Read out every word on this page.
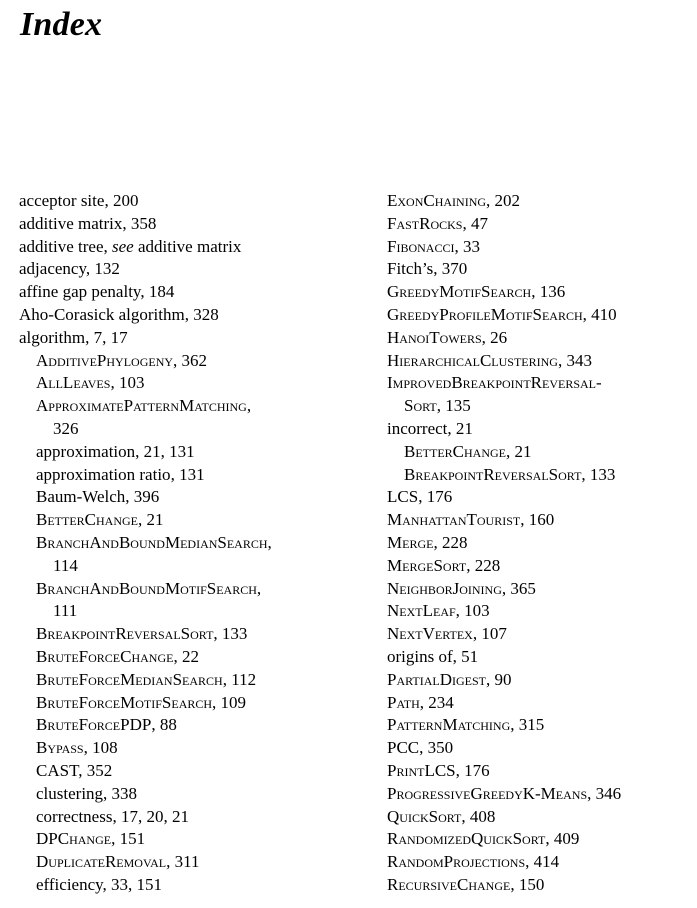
Index
acceptor site, 200
additive matrix, 358
additive tree, see additive matrix
adjacency, 132
affine gap penalty, 184
Aho-Corasick algorithm, 328
algorithm, 7, 17
AdditivePhylogeny, 362
AllLeaves, 103
ApproximatePatternMatching,
326
approximation, 21, 131
approximation ratio, 131
Baum-Welch, 396
BetterChange, 21
BranchAndBoundMedianSearch,
114
BranchAndBoundMotifSearch,
111
BreakpointReversalSort, 133
BruteForceChange, 22
BruteForceMedianSearch, 112
BruteForceMotifSearch, 109
BruteForcePDP, 88
Bypass, 108
CAST, 352
clustering, 338
correctness, 17, 20, 21
DPChange, 151
DuplicateRemoval, 311
efficiency, 33, 151
ExonChaining, 202
FastRocks, 47
Fibonacci, 33
Fitch’s, 370
GreedyMotifSearch, 136
GreedyProfileMotifSearch, 410
HanoiTowers, 26
HierarchicalClustering, 343
ImprovedBreakpointReversal-
Sort, 135
incorrect, 21
BetterChange, 21
BreakpointReversalSort, 133
LCS, 176
ManhattanTourist, 160
Merge, 228
MergeSort, 228
NeighborJoining, 365
NextLeaf, 103
NextVertex, 107
origins of, 51
PartialDigest, 90
Path, 234
PatternMatching, 315
PCC, 350
PrintLCS, 176
ProgressiveGreedyK-Means, 346
QuickSort, 408
RandomizedQuickSort, 409
RandomProjections, 414
RecursiveChange, 150
